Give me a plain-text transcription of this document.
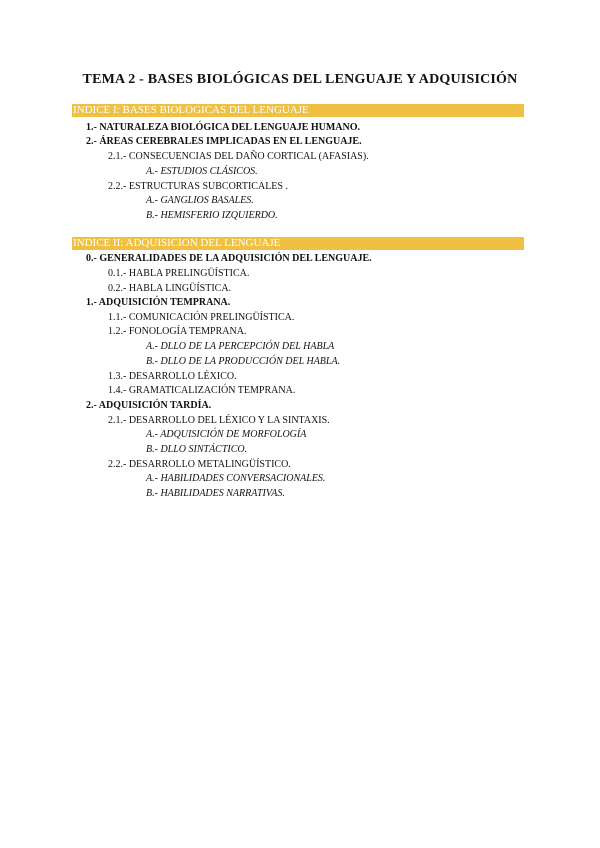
TEMA 2 - BASES BIOLÓGICAS DEL LENGUAJE Y ADQUISICIÓN
INDICE I: BASES BIOLOGICAS DEL LENGUAJE
1.- NATURALEZA BIOLÓGICA DEL LENGUAJE HUMANO.
2.- ÁREAS CEREBRALES IMPLICADAS EN EL LENGUAJE.
2.1.- CONSECUENCIAS DEL DAÑO CORTICAL (AFASIAS).
A.- ESTUDIOS CLÁSICOS.
2.2.- ESTRUCTURAS SUBCORTICALES .
A.- GANGLIOS BASALES.
B.- HEMISFERIO IZQUIERDO.
INDICE II: ADQUISICION DEL LENGUAJE
0.- GENERALIDADES DE LA ADQUISICIÓN DEL LENGUAJE.
0.1.- HABLA PRELINGÜÍSTICA.
0.2.- HABLA LINGÜÍSTICA.
1.- ADQUISICIÓN TEMPRANA.
1.1.- COMUNICACIÓN PRELINGÜÍSTICA.
1.2.- FONOLOGÍA TEMPRANA.
A.- DLLO DE LA PERCEPCIÓN DEL HABLA
B.- DLLO DE LA PRODUCCIÓN DEL HABLA.
1.3.- DESARROLLO LÉXICO.
1.4.- GRAMATICALIZACIÓN TEMPRANA.
2.- ADQUISICIÓN TARDÍA.
2.1.- DESARROLLO DEL LÉXICO Y LA SINTAXIS.
A.- ADQUISICIÓN DE MORFOLOGÍA
B.- DLLO SINTÁCTICO.
2.2.- DESARROLLO METALINGÜÍSTICO.
A.- HABILIDADES CONVERSACIONALES.
B.- HABILIDADES NARRATIVAS.
